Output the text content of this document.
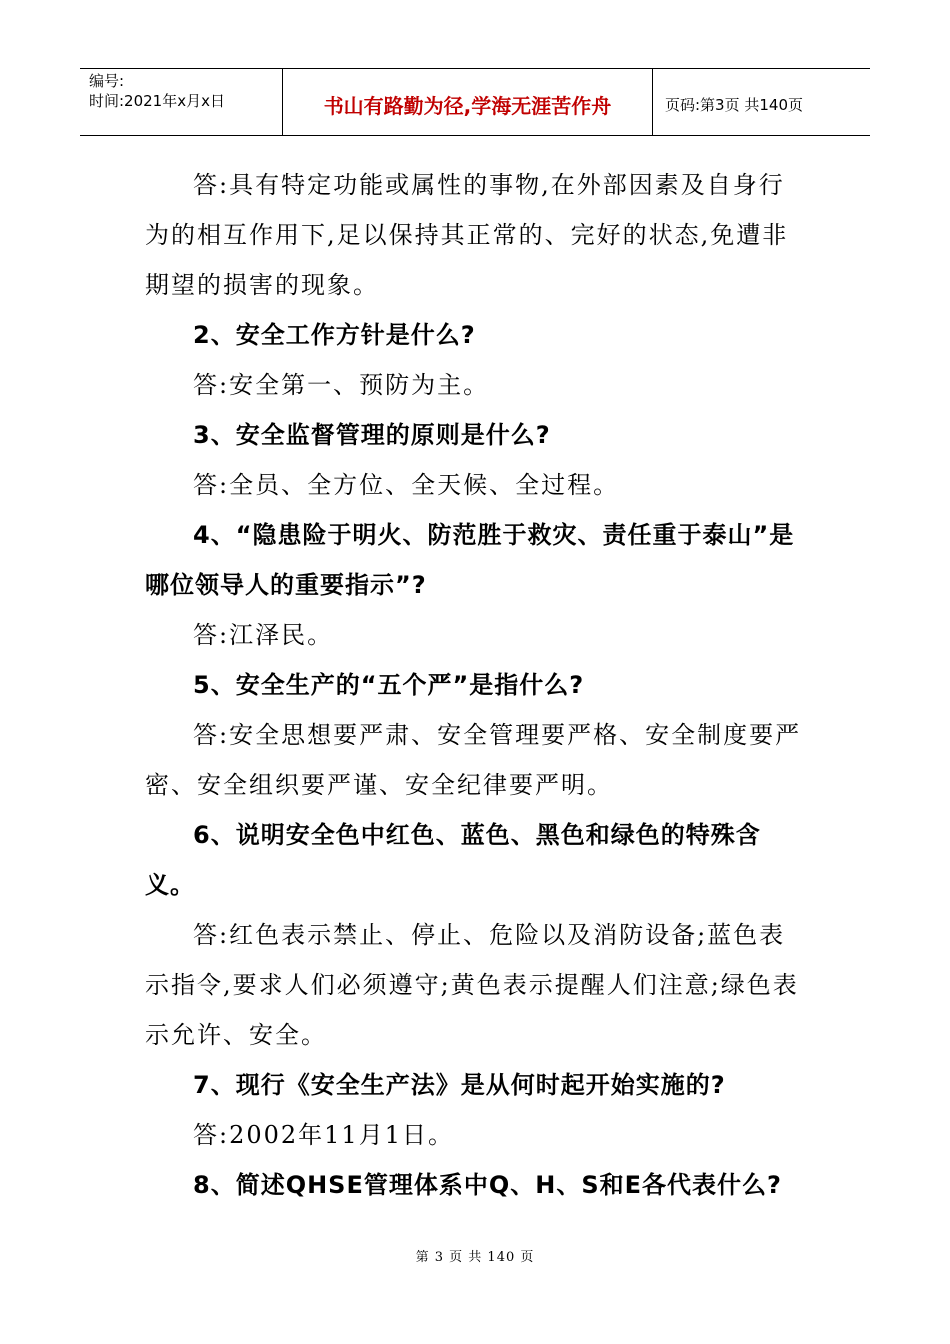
编号:
时间:2021年x月x日	书山有路勤为径,学海无涯苦作舟	页码:第3页 共140页

答:具有特定功能或属性的事物,在外部因素及自身行为的相互作用下,足以保持其正常的、完好的状态,免遭非期望的损害的现象。

2、安全工作方针是什么?

答:安全第一、预防为主。

3、安全监督管理的原则是什么?

答:全员、全方位、全天候、全过程。

4、“隐患险于明火、防范胜于救灾、责任重于泰山”是哪位领导人的重要指示”?

答:江泽民。

5、安全生产的“五个严”是指什么?

答:安全思想要严肃、安全管理要严格、安全制度要严密、安全组织要严谨、安全纪律要严明。

6、说明安全色中红色、蓝色、黑色和绿色的特殊含义。

答:红色表示禁止、停止、危险以及消防设备;蓝色表示指令,要求人们必须遵守;黄色表示提醒人们注意;绿色表示允许、安全。

7、现行《安全生产法》是从何时起开始实施的?

答:2002年11月1日。

8、简述QHSE管理体系中Q、H、S和E各代表什么?

第 3 页 共 140 页
